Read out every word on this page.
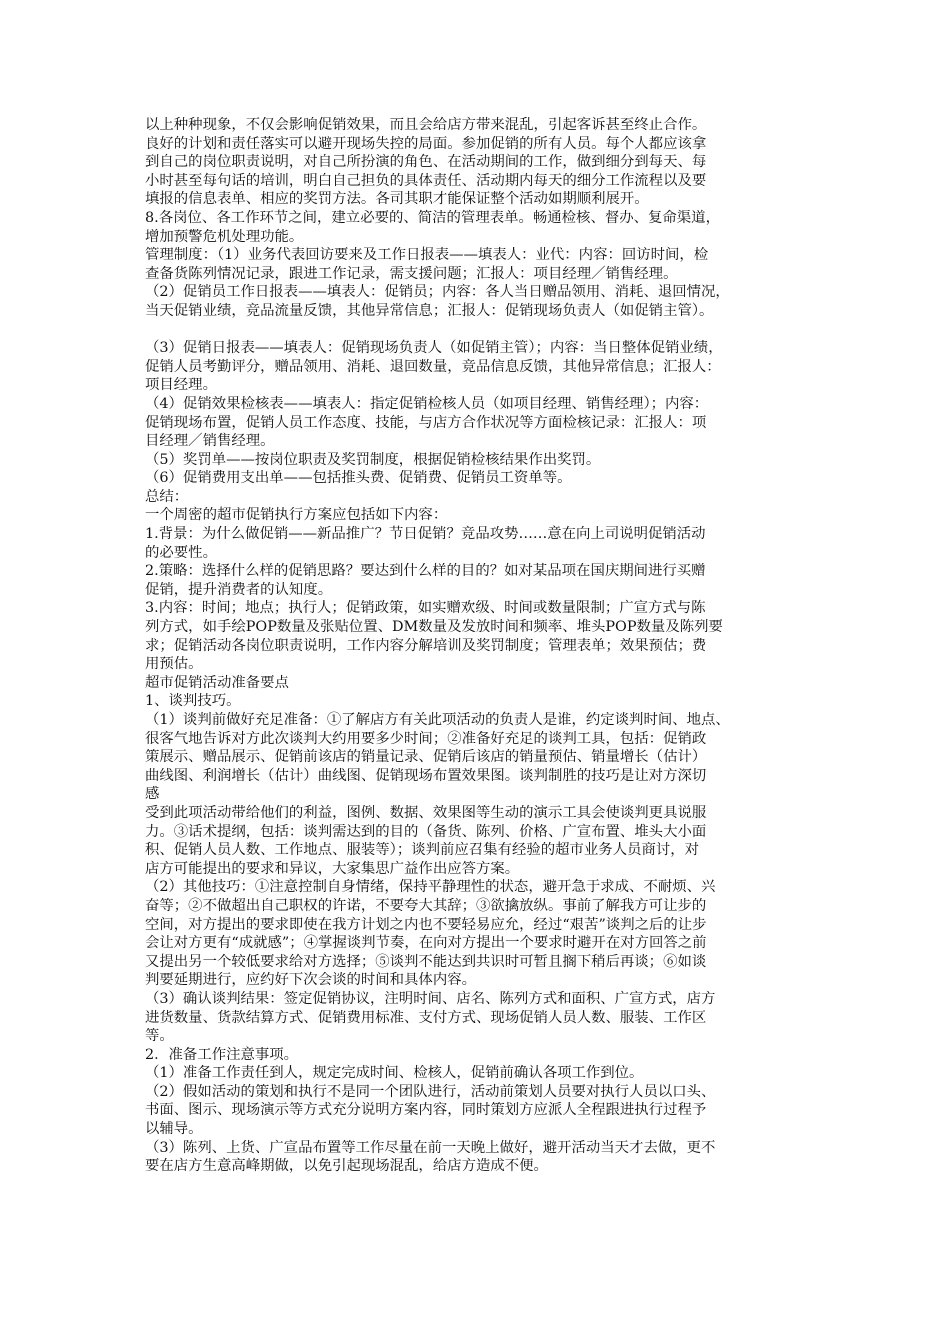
以上种种现象，不仅会影响促销效果，而且会给店方带来混乱，引起客诉甚至终止合作。
良好的计划和责任落实可以避开现场失控的局面。参加促销的所有人员。每个人都应该拿
到自己的岗位职责说明，对自己所扮演的角色、在活动期间的工作，做到细分到每天、每
小时甚至每句话的培训，明白自己担负的具体责任、活动期内每天的细分工作流程以及要
填报的信息表单、相应的奖罚方法。各司其职才能保证整个活动如期顺利展开。
8.各岗位、各工作环节之间，建立必要的、简洁的管理表单。畅通检核、督办、复命渠道，
增加预警危机处理功能。
管理制度：（1）业务代表回访要来及工作日报表——填表人：业代：内容：回访时间，检
查备货陈列情况记录，跟进工作记录，需支援问题；汇报人：项目经理／销售经理。
（2）促销员工作日报表——填表人：促销员；内容：各人当日赠品领用、消耗、退回情况，
当天促销业绩，竞品流量反馈，其他异常信息；汇报人：促销现场负责人（如促销主管）。
（3）促销日报表——填表人：促销现场负责人（如促销主管）；内容：当日整体促销业绩，
促销人员考勤评分，赠品领用、消耗、退回数量，竞品信息反馈，其他异常信息；汇报人：
项目经理。
（4）促销效果检核表——填表人：指定促销检核人员（如项目经理、销售经理）；内容：
促销现场布置，促销人员工作态度、技能，与店方合作状况等方面检核记录：汇报人：项
目经理／销售经理。
（5）奖罚单——按岗位职责及奖罚制度，根据促销检核结果作出奖罚。
（6）促销费用支出单——包括推头费、促销费、促销员工资单等。
总结：
一个周密的超市促销执行方案应包括如下内容：
1.背景：为什么做促销——新品推广？节日促销？竞品攻势……意在向上司说明促销活动
的必要性。
2.策略：选择什么样的促销思路？要达到什么样的目的？如对某品项在国庆期间进行买赠
促销，提升消费者的认知度。
3.内容：时间；地点；执行人；促销政策，如实赠欢级、时间或数量限制；广宣方式与陈
列方式，如手绘POP数量及张贴位置、DM数量及发放时间和频率、堆头POP数量及陈列要
求；促销活动各岗位职责说明，工作内容分解培训及奖罚制度；管理表单；效果预估；费
用预估。
超市促销活动准备要点
1、谈判技巧。
（1）谈判前做好充足准备：①了解店方有关此项活动的负责人是谁，约定谈判时间、地点、
很客气地告诉对方此次谈判大约用要多少时间；②准备好充足的谈判工具，包括：促销政
策展示、赠品展示、促销前该店的销量记录、促销后该店的销量预估、销量增长（估计）
曲线图、利润增长（估计）曲线图、促销现场布置效果图。谈判制胜的技巧是让对方深切
感
受到此项活动带给他们的利益，图例、数据、效果图等生动的演示工具会使谈判更具说服
力。③话术提纲，包括：谈判需达到的目的（备货、陈列、价格、广宣布置、堆头大小面
积、促销人员人数、工作地点、服装等）；谈判前应召集有经验的超市业务人员商讨，对
店方可能提出的要求和异议，大家集思广益作出应答方案。
（2）其他技巧：①注意控制自身情绪，保持平静理性的状态，避开急于求成、不耐烦、兴
奋等；②不做超出自己职权的许诺，不要夸大其辞；③欲擒放纵。事前了解我方可让步的
空间，对方提出的要求即使在我方计划之内也不要轻易应允，经过“艰苦”谈判之后的让步
会让对方更有“成就感”；④掌握谈判节奏，在向对方提出一个要求时避开在对方回答之前
又提出另一个较低要求给对方选择；⑤谈判不能达到共识时可暂且搁下稍后再谈；⑥如谈
判要延期进行，应约好下次会谈的时间和具体内容。
（3）确认谈判结果：签定促销协议，注明时间、店名、陈列方式和面积、广宣方式，店方
进货数量、货款结算方式、促销费用标准、支付方式、现场促销人员人数、服装、工作区
等。
2．准备工作注意事项。
（1）准备工作责任到人，规定完成时间、检核人，促销前确认各项工作到位。
（2）假如活动的策划和执行不是同一个团队进行，活动前策划人员要对执行人员以口头、
书面、图示、现场演示等方式充分说明方案内容，同时策划方应派人全程跟进执行过程予
以辅导。
（3）陈列、上货、广宣品布置等工作尽量在前一天晚上做好，避开活动当天才去做，更不
要在店方生意高峰期做，以免引起现场混乱，给店方造成不便。
